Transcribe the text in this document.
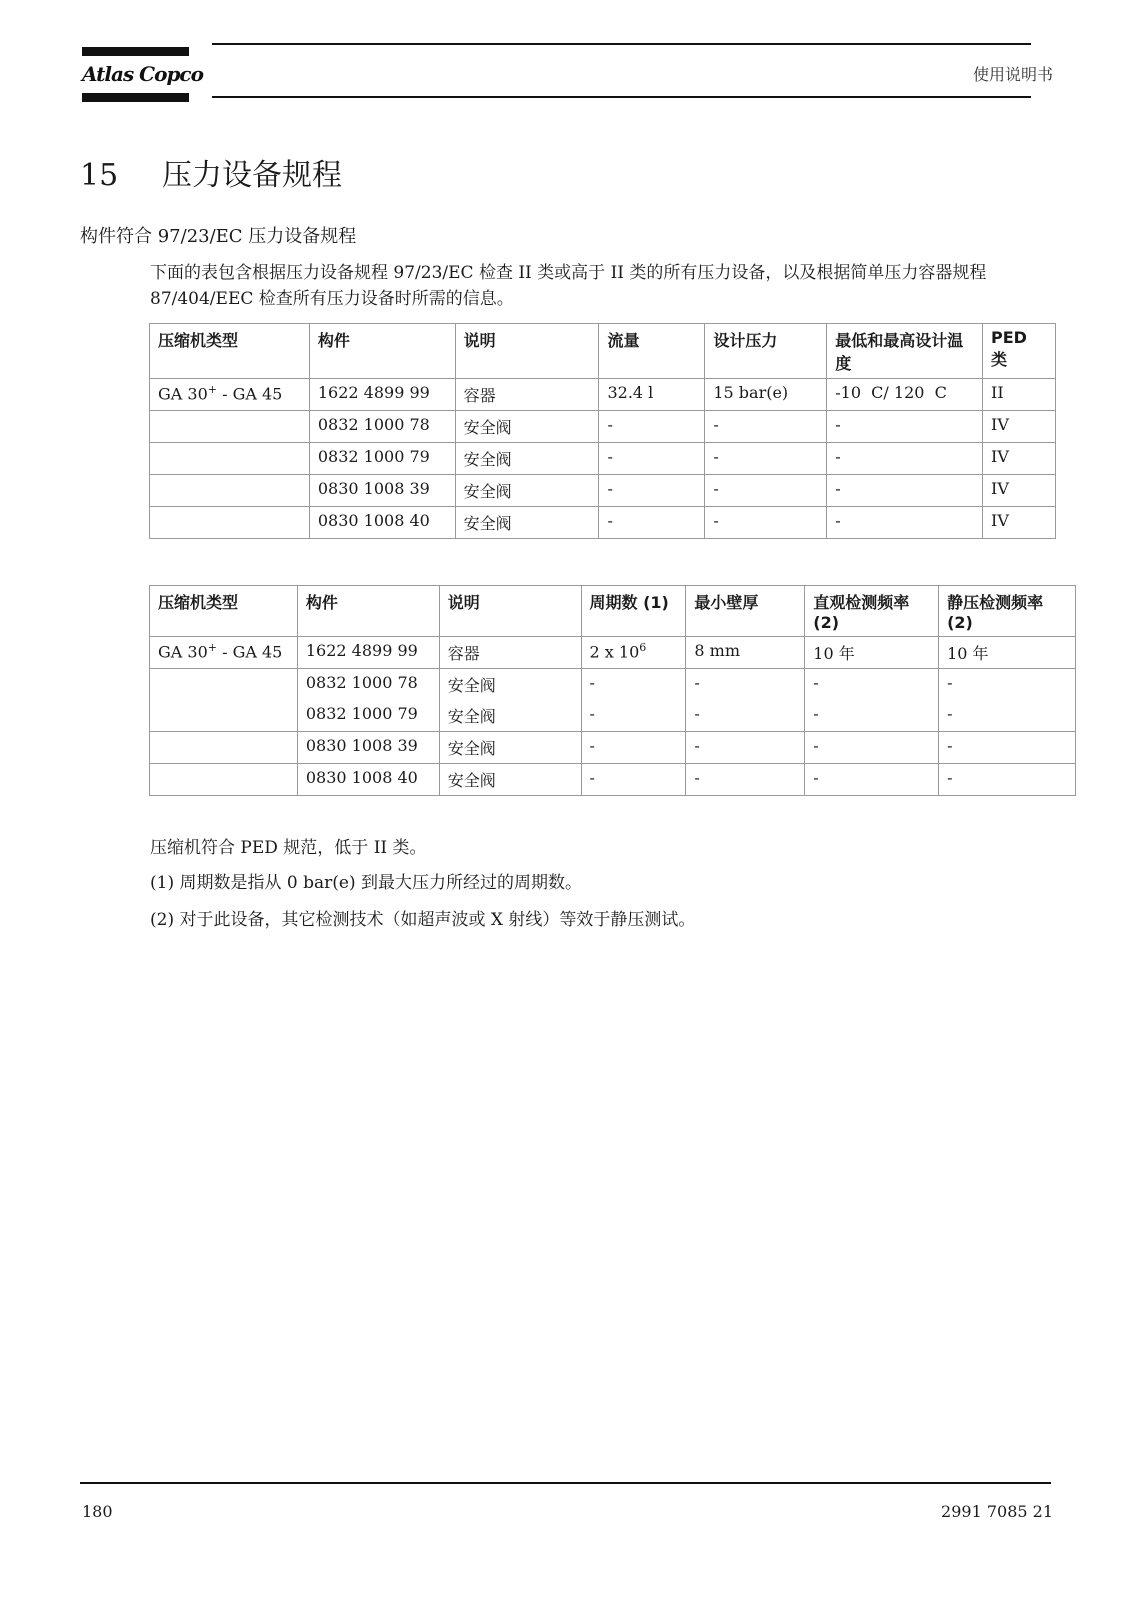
Atlas Copco	使用说明书
15 压力设备规程
构件符合 97/23/EC 压力设备规程
下面的表包含根据压力设备规程 97/23/EC 检查 II 类或高于 II 类的所有压力设备，以及根据简单压力容器规程 87/404/EEC 检查所有压力设备时所需的信息。
压缩机类型	构件	说明	流量	设计压力	最低和最高设计温度	PED 类
GA 30+ - GA 45	1622 4899 99	容器	32.4 l	15 bar(e)	-10  C/ 120  C	II
	0832 1000 78	安全阀	-	-	-	IV
	0832 1000 79	安全阀	-	-	-	IV
	0830 1008 39	安全阀	-	-	-	IV
	0830 1008 40	安全阀	-	-	-	IV
压缩机类型	构件	说明	周期数 (1)	最小壁厚	直观检测频率 (2)	静压检测频率 (2)
GA 30+ - GA 45	1622 4899 99	容器	2 x $10^6$	8 mm	10 年	10 年
	0832 1000 78	安全阀	-	-	-	-
	0832 1000 79	安全阀	-	-	-	-
	0830 1008 39	安全阀	-	-	-	-
	0830 1008 40	安全阀	-	-	-	-
压缩机符合 PED 规范，低于 II 类。
(1) 周期数是指从 0 bar(e) 到最大压力所经过的周期数。
(2) 对于此设备，其它检测技术（如超声波或 X 射线）等效于静压测试。
180	2991 7085 21
